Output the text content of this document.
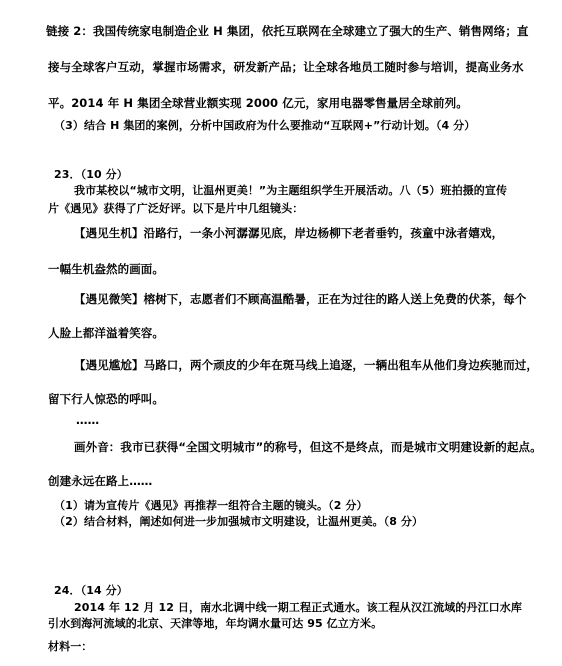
链接 2：我国传统家电制造企业 H 集团，依托互联网在全球建立了强大的生产、销售网络；直
接与全球客户互动，掌握市场需求，研发新产品；让全球各地员工随时参与培训，提高业务水
平。2014 年 H 集团全球营业额实现 2000 亿元，家用电器零售量居全球前列。
（3）结合 H 集团的案例，分析中国政府为什么要推动“互联网+”行动计划。（4 分）
23．（10 分）
我市某校以“城市文明，让温州更美！”为主题组织学生开展活动。八（5）班拍摄的宣传
片《遇见》获得了广泛好评。以下是片中几组镜头：
【遇见生机】沿路行，一条小河潺潺见底，岸边杨柳下老者垂钓，孩童中泳者嬉戏，
一幅生机盎然的画面。
【遇见微笑】榕树下，志愿者们不顾高温酷暑，正在为过往的路人送上免费的伏茶，每个
人脸上都洋溢着笑容。
【遇见尴尬】马路口，两个顽皮的少年在斑马线上追逐，一辆出租车从他们身边疾驰而过，
留下行人惊恐的呼叫。
……
画外音：我市已获得“全国文明城市”的称号，但这不是终点，而是城市文明建设新的起点。
创建永远在路上……
（1）请为宣传片《遇见》再推荐一组符合主题的镜头。（2 分）
（2）结合材料，阐述如何进一步加强城市文明建设，让温州更美。（8 分）
24．（14 分）
2014 年 12 月 12 日，南水北调中线一期工程正式通水。该工程从汉江流域的丹江口水库
引水到海河流域的北京、天津等地，年均调水量可达 95 亿立方米。
材料一：
